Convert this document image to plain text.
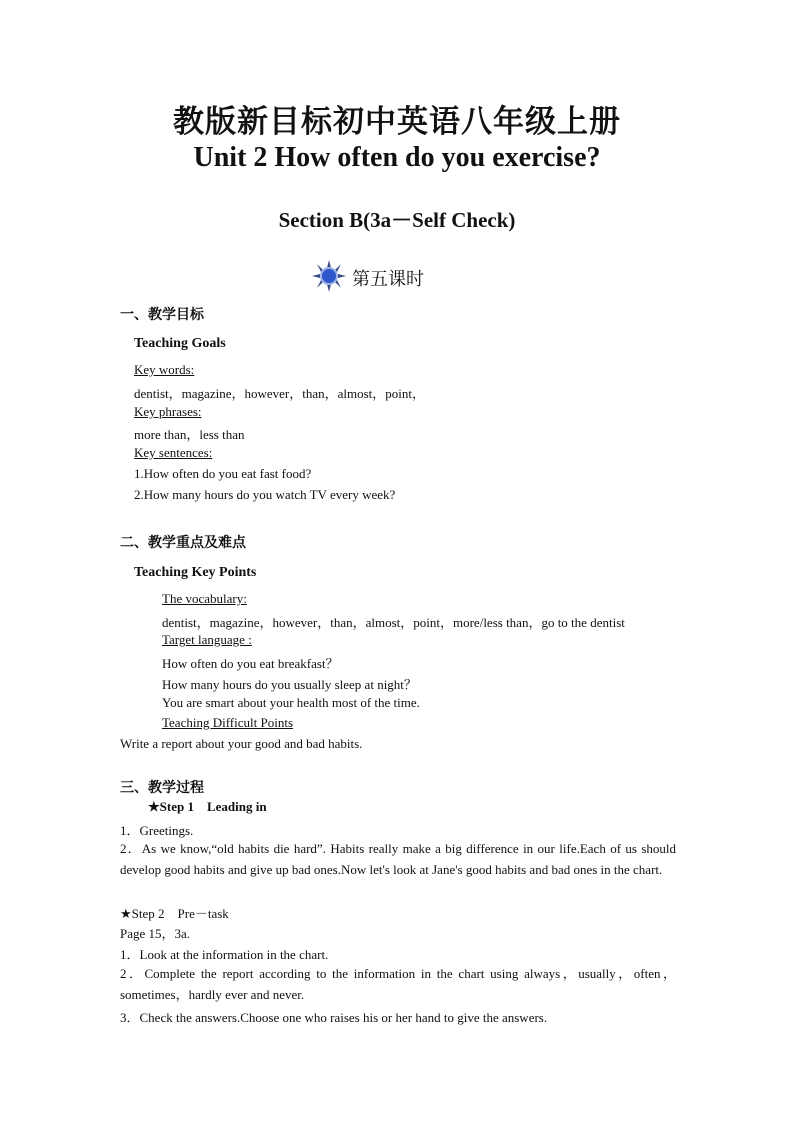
教版新目标初中英语八年级上册
Unit 2 How often do you exercise?
Section B(3a－Self Check)
第五课时
一、教学目标
Teaching Goals
Key words:
dentist，magazine，however，than，almost，point，
Key phrases:
more than，less than
Key sentences:
1.How often do you eat fast food?
2.How many hours do you watch TV every week?
二、教学重点及难点
Teaching Key Points
The vocabulary:
dentist，magazine，however，than，almost，point，more/less than，go to the dentist
Target language :
How often do you eat breakfast？
How many hours do you usually sleep at night？
You are smart about your health most of the time.
Teaching Difficult Points
Write a report about your good and bad habits.
三、教学过程
★Step 1    Leading in
1．Greetings.
2．As we know,“old habits die hard”. Habits really make a big difference in our life.Each of us should develop good habits and give up bad ones.Now let's look at Jane's good habits and bad ones in the chart.
★Step 2    Pre－task
Page 15，3a.
1．Look at the information in the chart.
2．Complete the report according to the information in the chart using always，usually，often，sometimes，hardly ever and never.
3．Check the answers.Choose one who raises his or her hand to give the answers.
